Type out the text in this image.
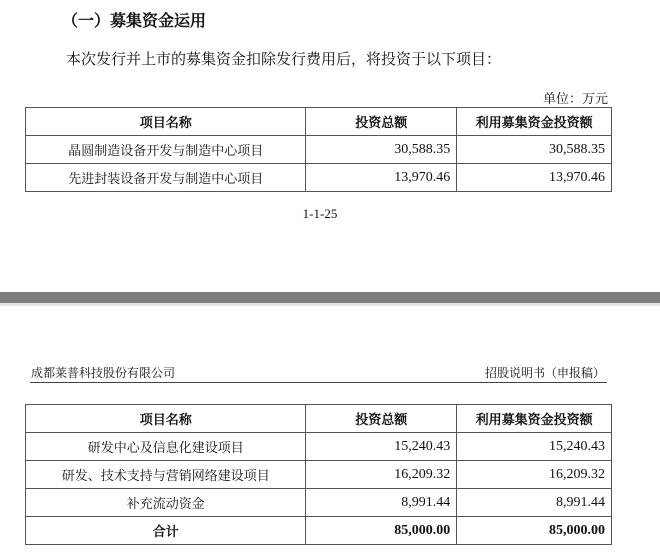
（一）募集资金运用
本次发行并上市的募集资金扣除发行费用后，将投资于以下项目：
单位：万元
项目名称	投资总额	利用募集资金投资额
晶圆制造设备开发与制造中心项目	30,588.35	30,588.35
先进封装设备开发与制造中心项目	13,970.46	13,970.46
1-1-25
成都莱普科技股份有限公司	招股说明书（申报稿）
项目名称	投资总额	利用募集资金投资额
研发中心及信息化建设项目	15,240.43	15,240.43
研发、技术支持与营销网络建设项目	16,209.32	16,209.32
补充流动资金	8,991.44	8,991.44
合计	85,000.00	85,000.00
